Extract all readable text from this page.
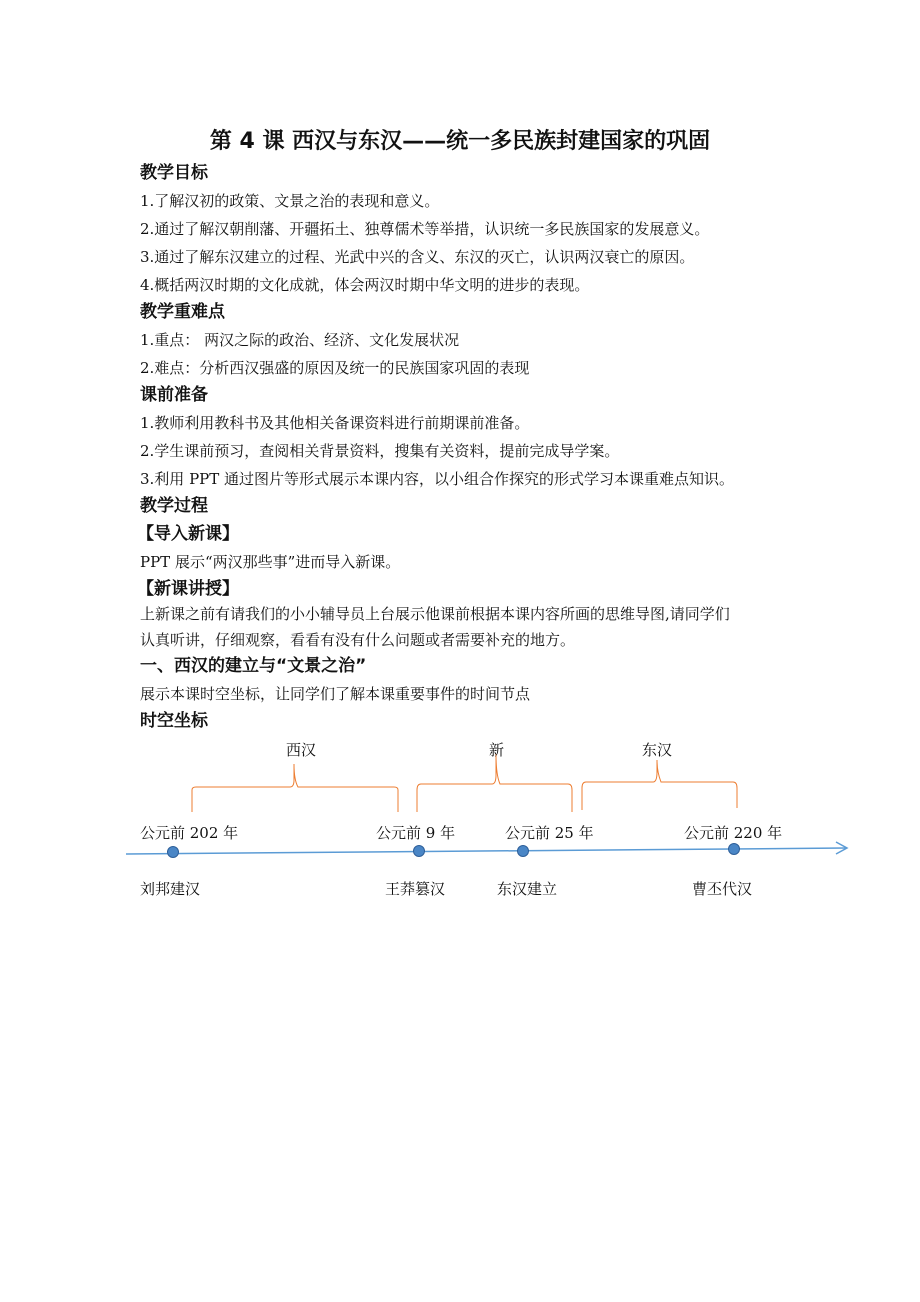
第 4 课 西汉与东汉——统一多民族封建国家的巩固
教学目标
1.了解汉初的政策、文景之治的表现和意义。
2.通过了解汉朝削藩、开疆拓土、独尊儒术等举措，认识统一多民族国家的发展意义。
3.通过了解东汉建立的过程、光武中兴的含义、东汉的灭亡，认识两汉衰亡的原因。
4.概括两汉时期的文化成就，体会两汉时期中华文明的进步的表现。
教学重难点
1.重点： 两汉之际的政治、经济、文化发展状况
2.难点：分析西汉强盛的原因及统一的民族国家巩固的表现
课前准备
1.教师利用教科书及其他相关备课资料进行前期课前准备。
2.学生课前预习，查阅相关背景资料，搜集有关资料，提前完成导学案。
3.利用 PPT 通过图片等形式展示本课内容，以小组合作探究的形式学习本课重难点知识。
教学过程
【导入新课】
PPT 展示“两汉那些事”进而导入新课。
【新课讲授】
上新课之前有请我们的小小辅导员上台展示他课前根据本课内容所画的思维导图,请同学们
认真听讲，仔细观察，看看有没有什么问题或者需要补充的地方。
一、西汉的建立与“文景之治”
展示本课时空坐标，让同学们了解本课重要事件的时间节点
时空坐标
西汉	新	东汉
公元前 202 年	公元前 9 年	公元前 25 年	公元前 220 年
刘邦建汉	王莽篡汉	东汉建立	曹丕代汉
